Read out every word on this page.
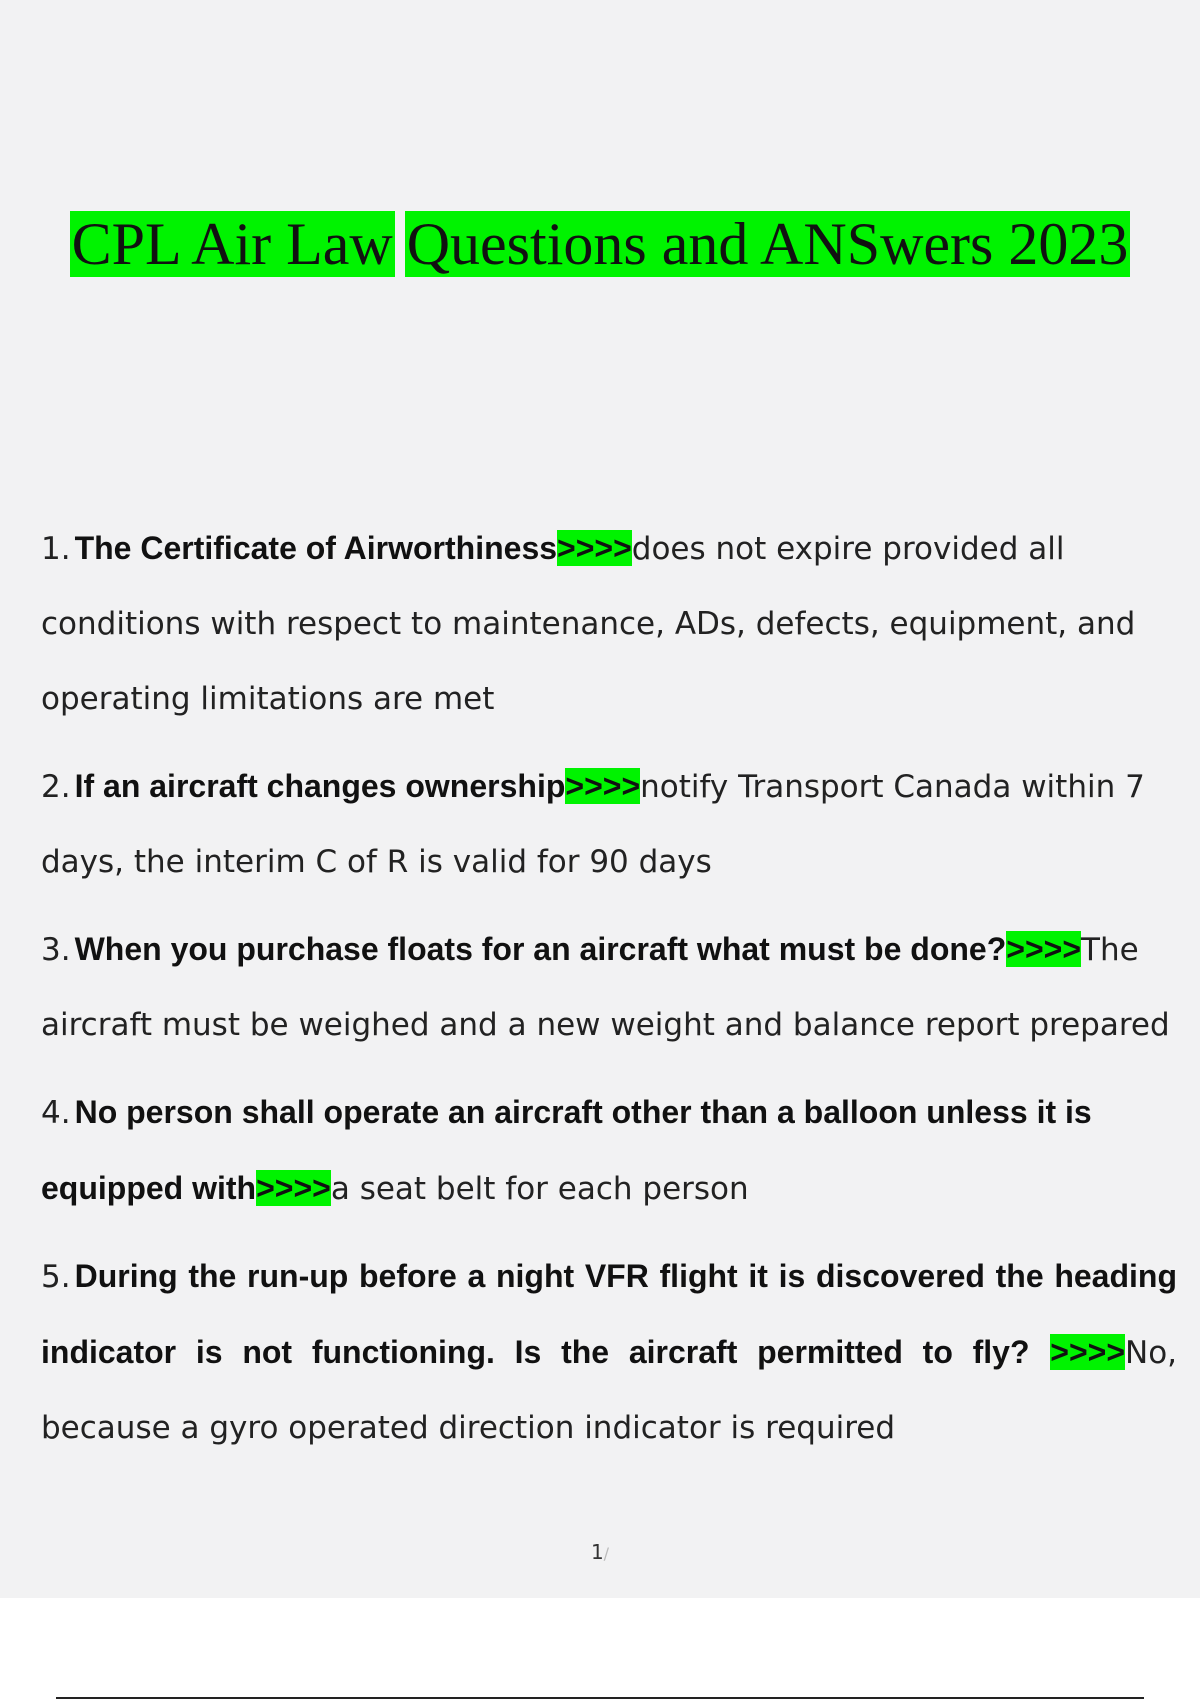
CPL Air Law Questions and ANSwers 2023
1. The Certificate of Airworthiness>>>>does not expire provided all conditions with respect to maintenance, ADs, defects, equipment, and operating limitations are met
2. If an aircraft changes ownership>>>>notify Transport Canada within 7 days, the interim C of R is valid for 90 days
3. When you purchase floats for an aircraft what must be done?>>>>The aircraft must be weighed and a new weight and balance report prepared
4. No person shall operate an aircraft other than a balloon unless it is equipped with>>>>a seat belt for each person
5. During the run-up before a night VFR flight it is discovered the heading indicator is not functioning. Is the aircraft permitted to fly? >>>>No, because a gyro operated direction indicator is required
1/
